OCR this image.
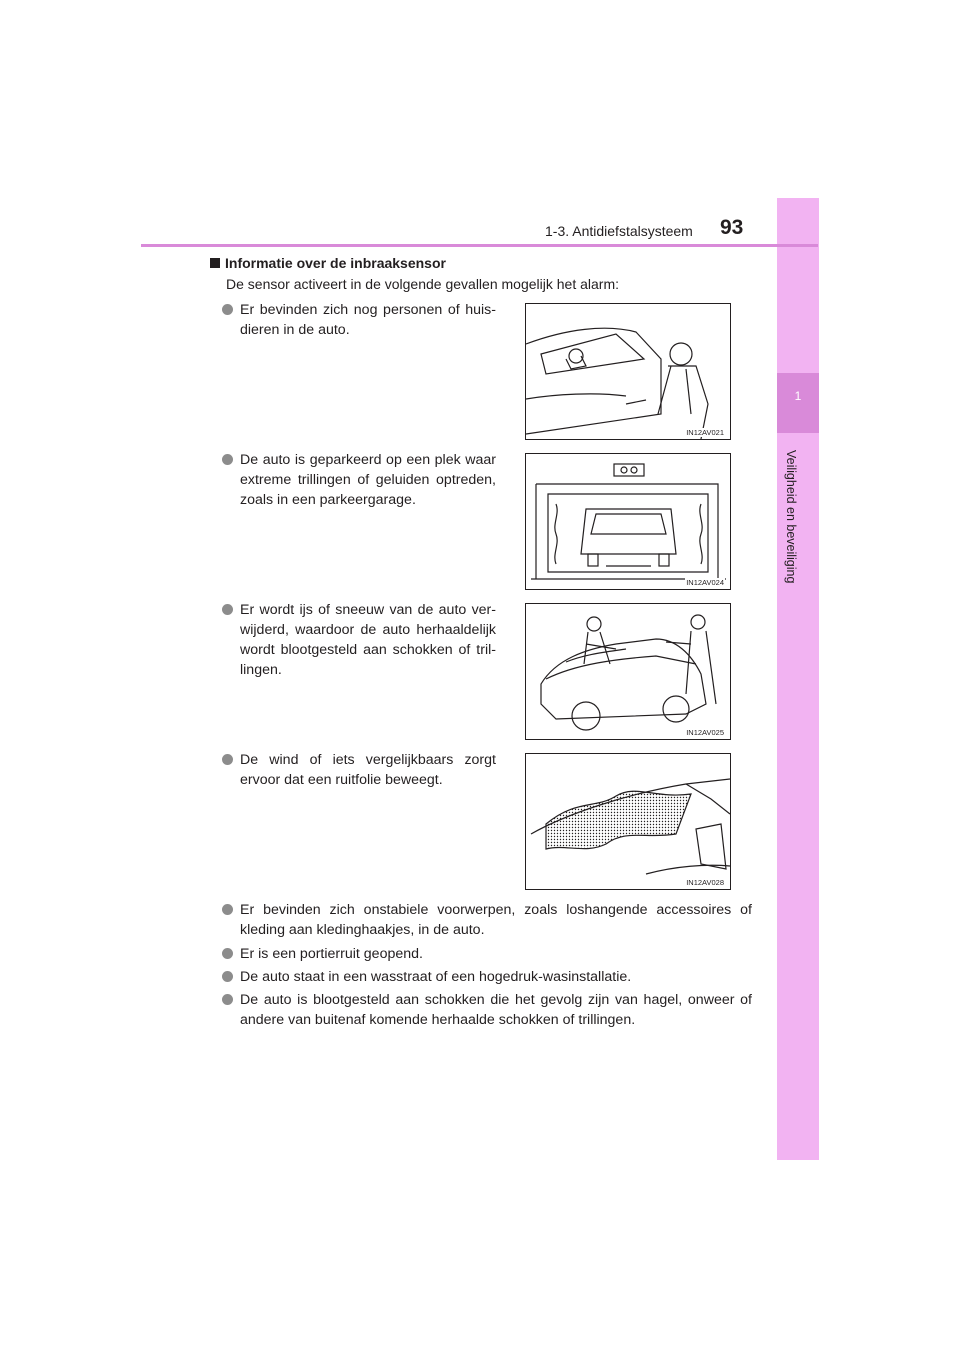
1
Veiligheid en beveiliging
1-3. Antidiefstalsysteem 93
Informatie over de inbraaksensor
De sensor activeert in de volgende gevallen mogelijk het alarm:
Er bevinden zich nog personen of huis-dieren in de auto.
IN12AV021
De auto is geparkeerd op een plek waar extreme trillingen of geluiden optreden, zoals in een parkeergarage.
IN12AV024
Er wordt ijs of sneeuw van de auto ver-wijderd, waardoor de auto herhaaldelijk wordt blootgesteld aan schokken of tril-lingen.
IN12AV025
De wind of iets vergelijkbaars zorgt ervoor dat een ruitfolie beweegt.
IN12AV028
Er bevinden zich onstabiele voorwerpen, zoals loshangende accessoires of kleding aan kledinghaakjes, in de auto.
Er is een portierruit geopend.
De auto staat in een wasstraat of een hogedruk-wasinstallatie.
De auto is blootgesteld aan schokken die het gevolg zijn van hagel, onweer of andere van buitenaf komende herhaalde schokken of trillingen.
